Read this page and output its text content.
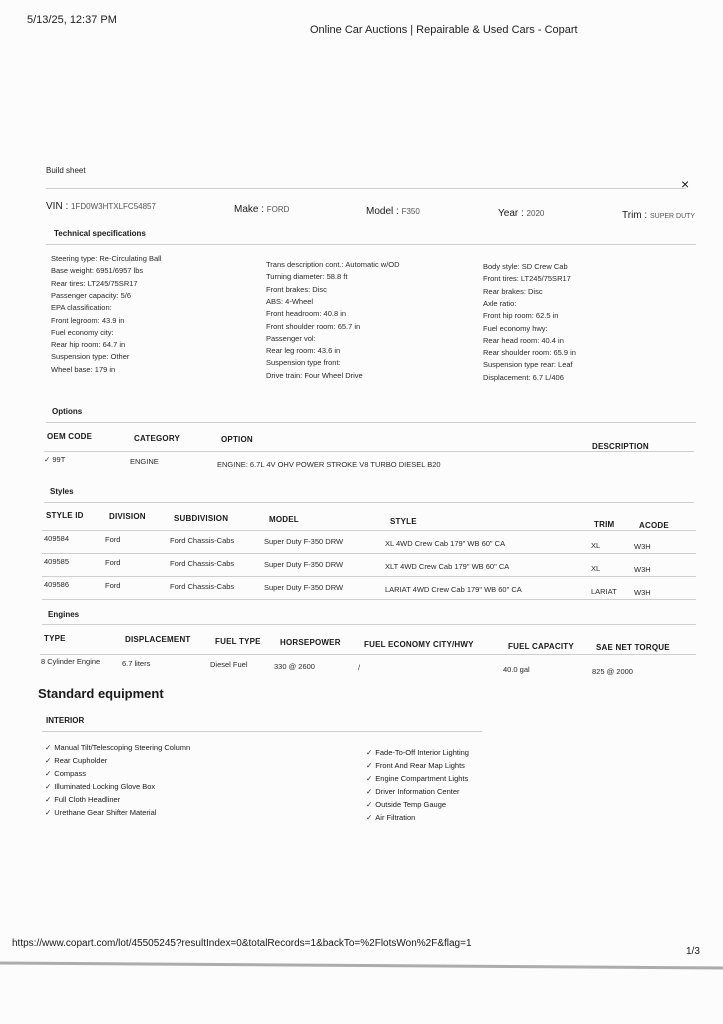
5/13/25, 12:37 PM
Online Car Auctions | Repairable & Used Cars - Copart
Build sheet
×
VIN : 1FD0W3HTXLFC54857	Make : FORD	Model : F350	Year : 2020	Trim : SUPER DUTY
Technical specifications
Steering type: Re-Circulating Ball
Base weight: 6951/6957 lbs
Rear tires: LT245/75SR17
Passenger capacity: 5/6
EPA classification:
Front legroom: 43.9 in
Fuel economy city:
Rear hip room: 64.7 in
Suspension type: Other
Wheel base: 179 in
Trans description cont.: Automatic w/OD
Turning diameter: 58.8 ft
Front brakes: Disc
ABS: 4-Wheel
Front headroom: 40.8 in
Front shoulder room: 65.7 in
Passenger vol:
Rear leg room: 43.6 in
Suspension type front:
Drive train: Four Wheel Drive
Body style: SD Crew Cab
Front tires: LT245/75SR17
Rear brakes: Disc
Axle ratio:
Front hip room: 62.5 in
Fuel economy hwy:
Rear head room: 40.4 in
Rear shoulder room: 65.9 in
Suspension type rear: Leaf
Displacement: 6.7 L/406
Options
OEM CODE	CATEGORY	OPTION
DESCRIPTION
✓ 99T	ENGINE	ENGINE: 6.7L 4V OHV POWER STROKE V8 TURBO DIESEL B20
Styles
STYLE ID	DIVISION	SUBDIVISION	MODEL	STYLE	TRIM	ACODE
409584	Ford	Ford Chassis-Cabs	Super Duty F-350 DRW	XL 4WD Crew Cab 179" WB 60" CA	XL	W3H
409585	Ford	Ford Chassis-Cabs	Super Duty F-350 DRW	XLT 4WD Crew Cab 179" WB 60" CA	XL	W3H
409586	Ford	Ford Chassis-Cabs	Super Duty F-350 DRW	LARIAT 4WD Crew Cab 179" WB 60" CA	LARIAT W3H
Engines
TYPE	DISPLACEMENT	FUEL TYPE HORSEPOWER	FUEL ECONOMY CITY/HWY	FUEL CAPACITY	SAE NET TORQUE
8 Cylinder Engine	6.7 liters	Diesel Fuel	330 @ 2600	/	40.0 gal	825 @ 2000
Standard equipment
INTERIOR
✓ Manual Tilt/Telescoping Steering Column
✓ Rear Cupholder
✓ Compass
✓ Illuminated Locking Glove Box
✓ Full Cloth Headliner
✓ Urethane Gear Shifter Material
✓ Fade-To-Off Interior Lighting
✓ Front And Rear Map Lights
✓ Engine Compartment Lights
✓ Driver Information Center
✓ Outside Temp Gauge
✓ Air Filtration
https://www.copart.com/lot/45505245?resultIndex=0&totalRecords=1&backTo=%2FlotsWon%2F&flag=1
1/3
